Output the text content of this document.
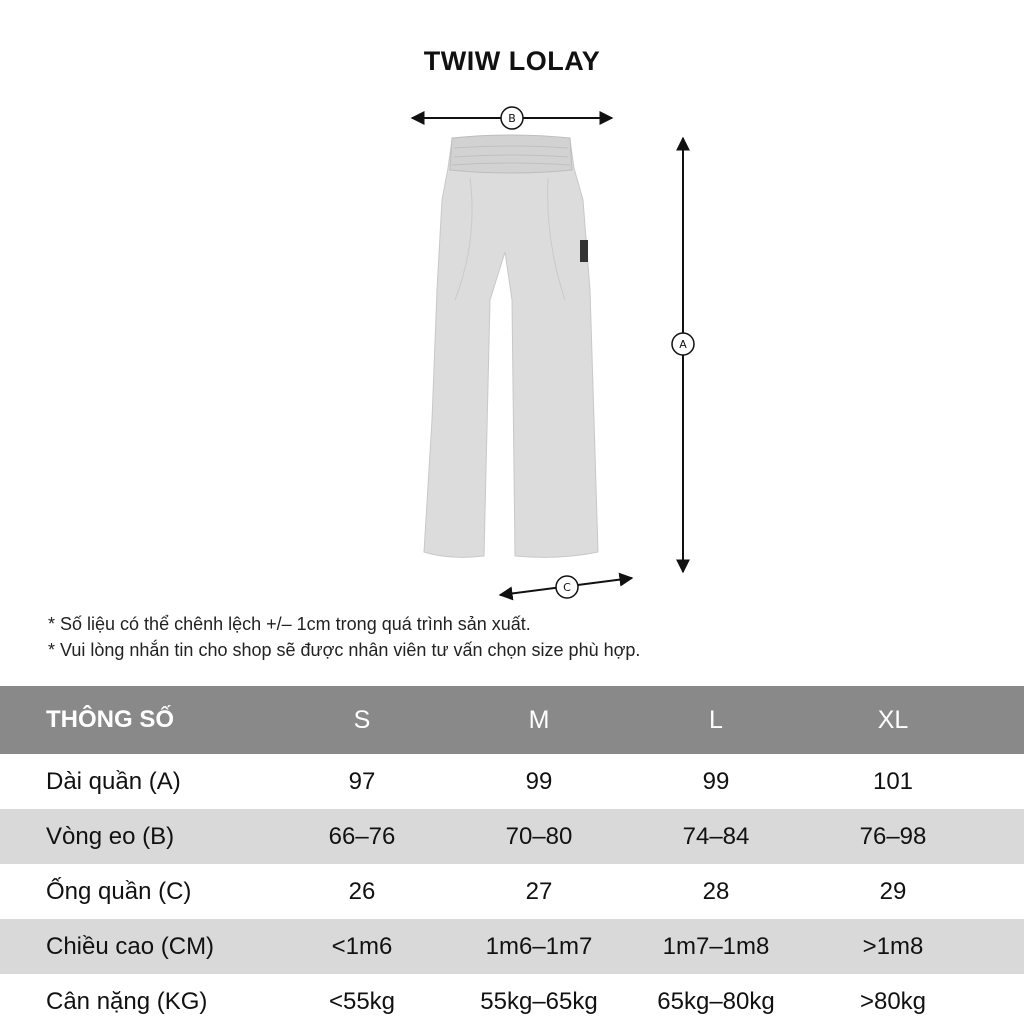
TWIW LOLAY
B
A
C
* Số liệu có thể chênh lệch +/– 1cm trong quá trình sản xuất.
* Vui lòng nhắn tin cho shop sẽ được nhân viên tư vấn chọn size phù hợp.
THÔNG SỐ	S	M	L	XL
Dài quần (A)	97	99	99	101
Vòng eo (B)	66–76	70–80	74–84	76–98
Ống quần (C)	26	27	28	29
Chiều cao (CM)	<1m6	1m6–1m7	1m7–1m8	>1m8
Cân nặng (KG)	<55kg	55kg–65kg	65kg–80kg	>80kg
